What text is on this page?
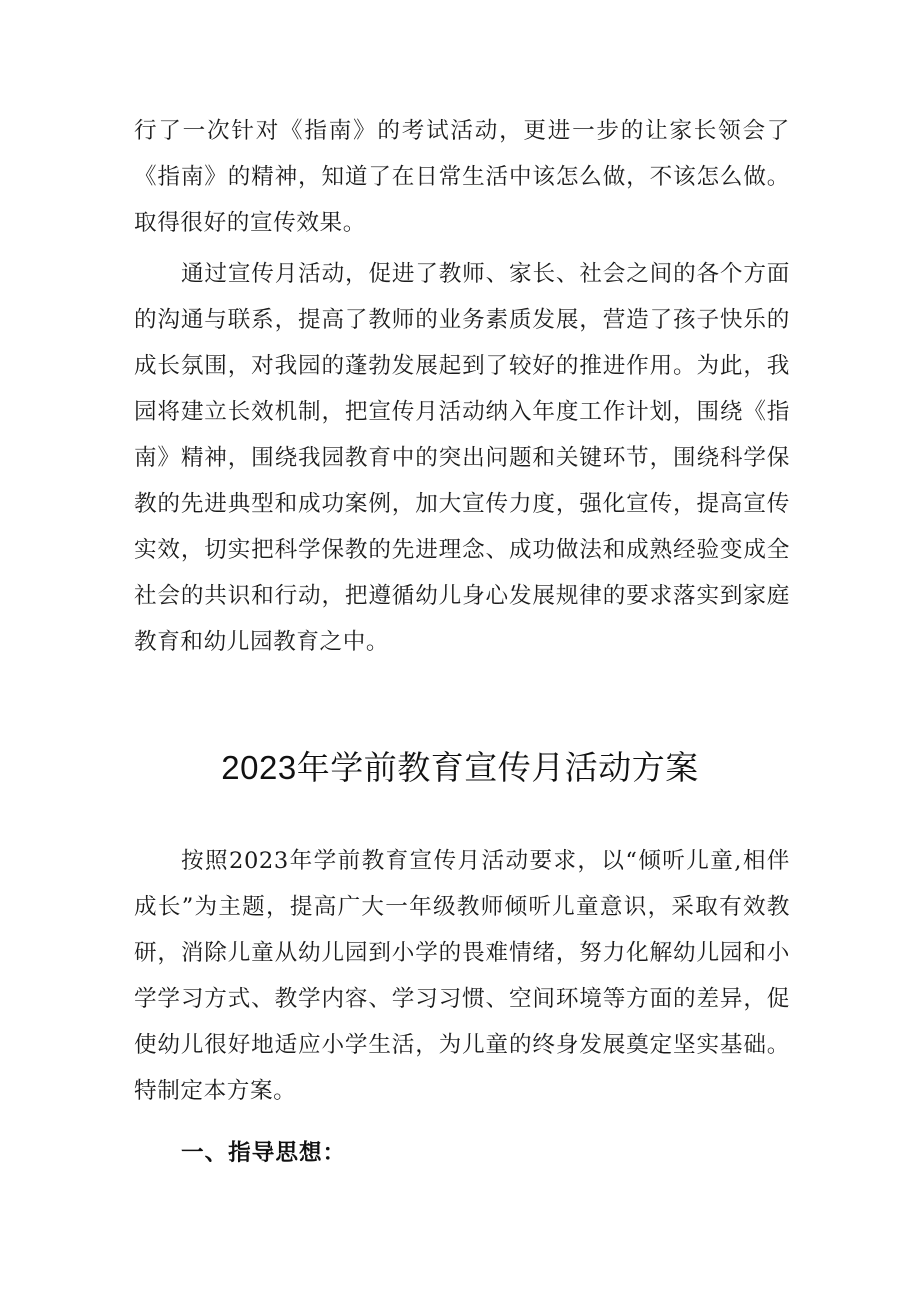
行了一次针对《指南》的考试活动，更进一步的让家长领会了《指南》的精神，知道了在日常生活中该怎么做，不该怎么做。取得很好的宣传效果。

通过宣传月活动，促进了教师、家长、社会之间的各个方面的沟通与联系，提高了教师的业务素质发展，营造了孩子快乐的成长氛围，对我园的蓬勃发展起到了较好的推进作用。为此，我园将建立长效机制，把宣传月活动纳入年度工作计划，围绕《指南》精神，围绕我园教育中的突出问题和关键环节，围绕科学保教的先进典型和成功案例，加大宣传力度，强化宣传，提高宣传实效，切实把科学保教的先进理念、成功做法和成熟经验变成全社会的共识和行动，把遵循幼儿身心发展规律的要求落实到家庭教育和幼儿园教育之中。

2023年学前教育宣传月活动方案

按照2023年学前教育宣传月活动要求，以“倾听儿童,相伴成长”为主题，提高广大一年级教师倾听儿童意识，采取有效教研，消除儿童从幼儿园到小学的畏难情绪，努力化解幼儿园和小学学习方式、教学内容、学习习惯、空间环境等方面的差异，促使幼儿很好地适应小学生活，为儿童的终身发展奠定坚实基础。特制定本方案。

一、指导思想：
